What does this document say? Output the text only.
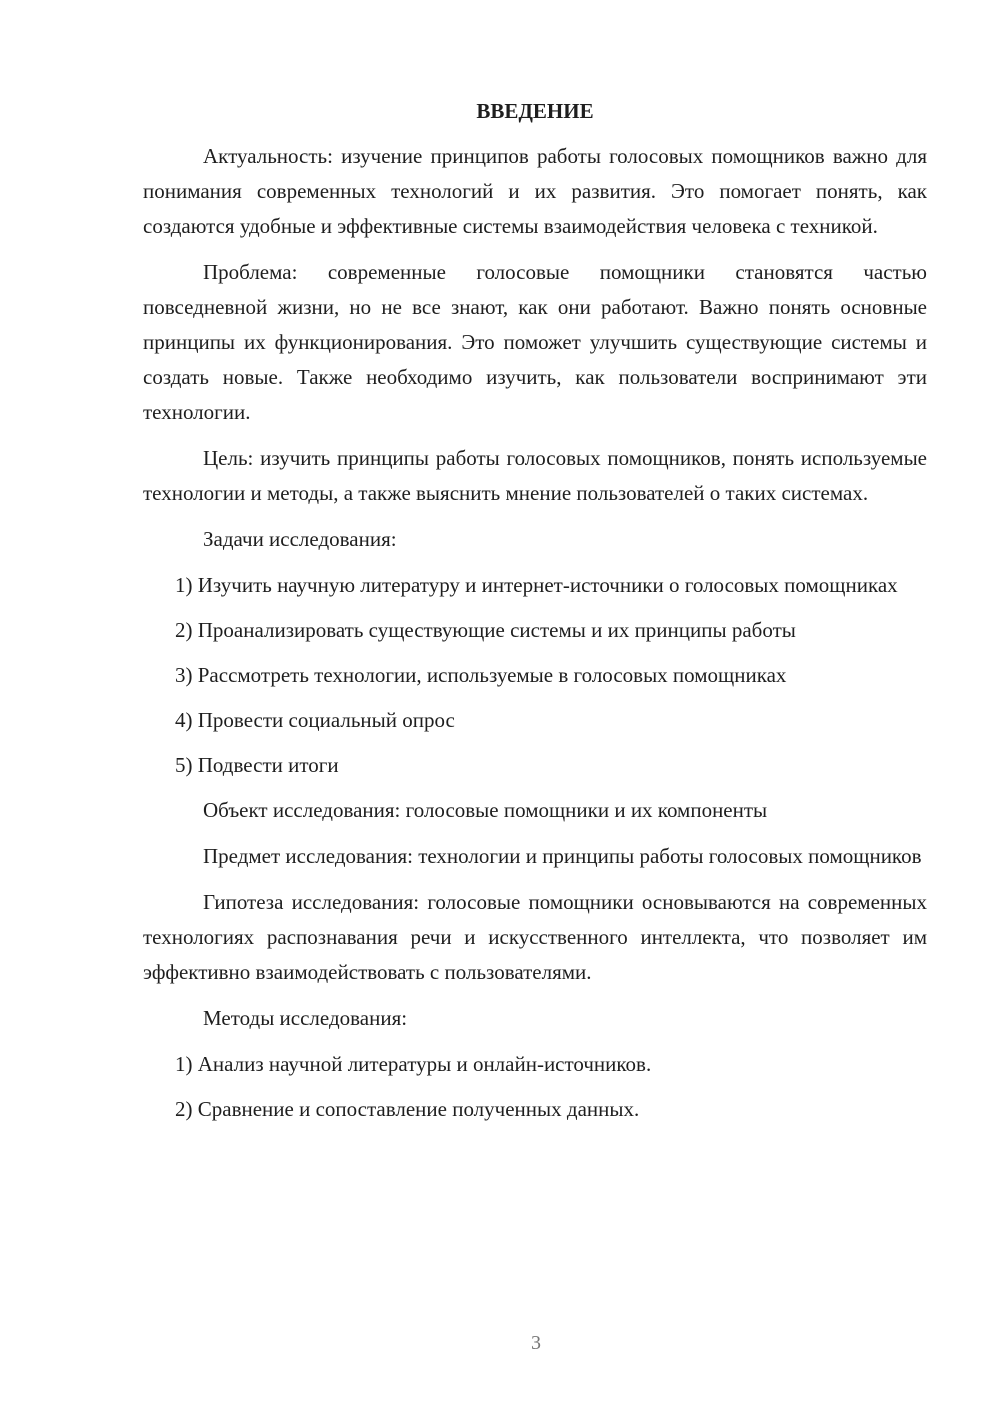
ВВЕДЕНИЕ

Актуальность: изучение принципов работы голосовых помощников важно для понимания современных технологий и их развития. Это помогает понять, как создаются удобные и эффективные системы взаимодействия человека с техникой.

Проблема: современные голосовые помощники становятся частью повседневной жизни, но не все знают, как они работают. Важно понять основные принципы их функционирования. Это поможет улучшить существующие системы и создать новые. Также необходимо изучить, как пользователи воспринимают эти технологии.

Цель: изучить принципы работы голосовых помощников, понять используемые технологии и методы, а также выяснить мнение пользователей о таких системах.

Задачи исследования:

1) Изучить научную литературу и интернет-источники о голосовых помощниках

2) Проанализировать существующие системы и их принципы работы

3) Рассмотреть технологии, используемые в голосовых помощниках

4) Провести социальный опрос

5) Подвести итоги

Объект исследования: голосовые помощники и их компоненты

Предмет исследования: технологии и принципы работы голосовых помощников

Гипотеза исследования: голосовые помощники основываются на современных технологиях распознавания речи и искусственного интеллекта, что позволяет им эффективно взаимодействовать с пользователями.

Методы исследования:

1) Анализ научной литературы и онлайн-источников.

2) Сравнение и сопоставление полученных данных.

3
